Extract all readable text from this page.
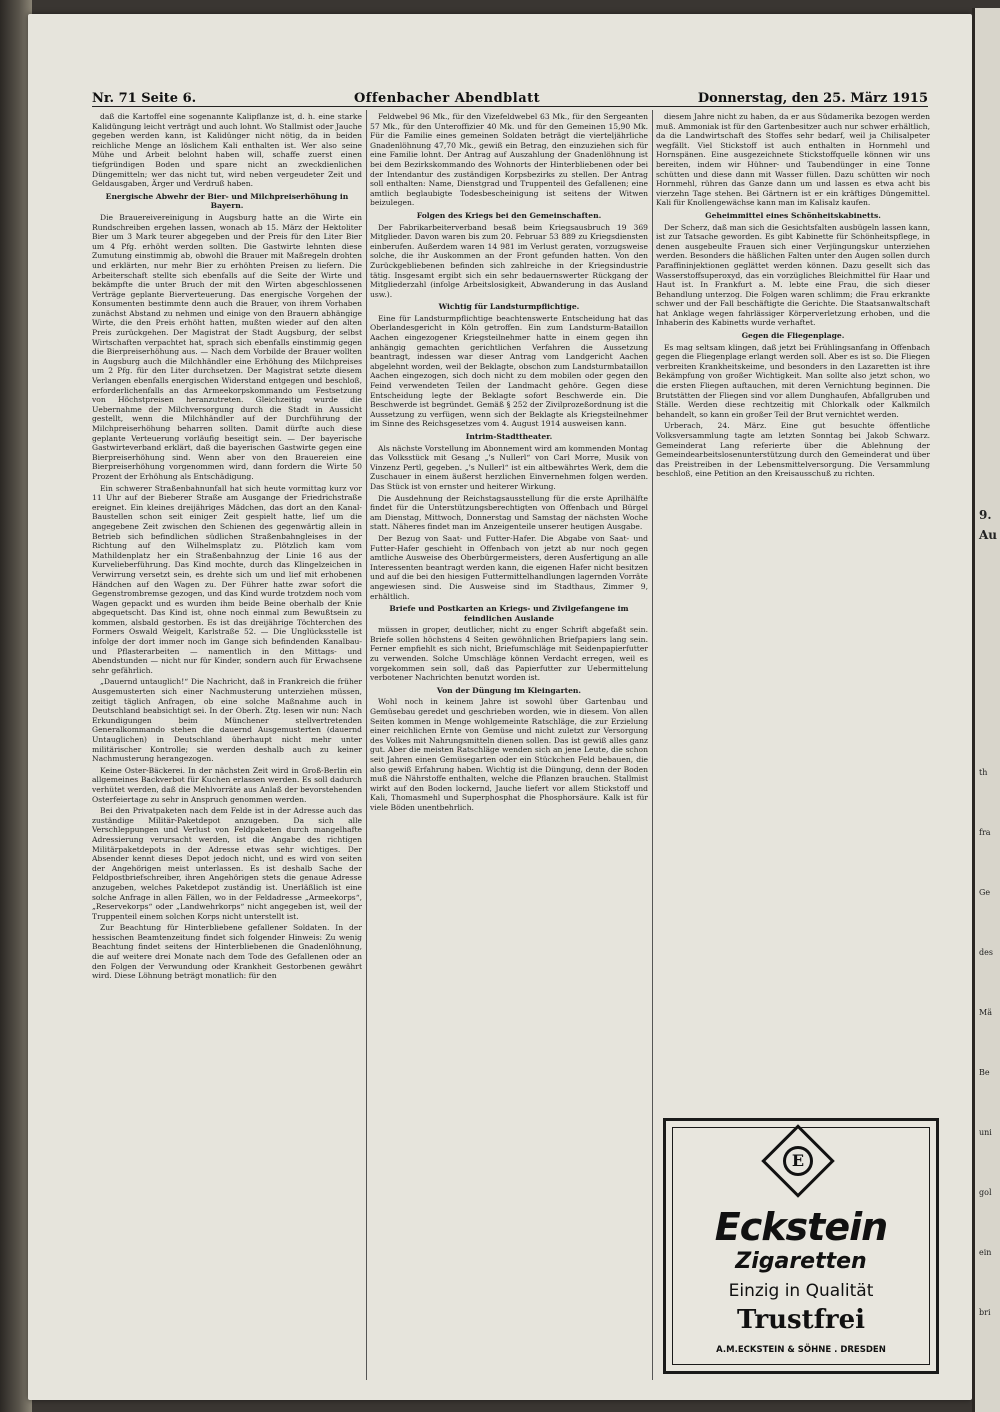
9.
Au
th
fra
Ge
des
Mä
Be
uni
gol
ein
bri
Nr. 71 Seite 6.	Offenbacher Abendblatt	Donnerstag, den 25. März 1915

daß die Kartoffel eine sogenannte Kalipflanze ist, d. h. eine starke Kalidüngung leicht verträgt und auch lohnt. Wo Stallmist oder Jauche gegeben werden kann, ist Kalidünger nicht nötig, da in beiden reichliche Menge an löslichem Kali enthalten ist. Wer also seine Mühe und Arbeit belohnt haben will, schaffe zuerst einen tiefgründigen Boden und spare nicht an zweckdienlichen Düngemitteln; wer das nicht tut, wird neben vergeudeter Zeit und Geldausgaben, Ärger und Verdruß haben.

Energische Abwehr der Bier- und Milchpreiserhöhung in Bayern.

Die Brauereivereinigung in Augsburg hatte an die Wirte ein Rundschreiben ergehen lassen, wonach ab 15. März der Hektoliter Bier um 3 Mark teurer abgegeben und der Preis für den Liter Bier um 4 Pfg. erhöht werden sollten. Die Gastwirte lehnten diese Zumutung einstimmig ab, obwohl die Brauer mit Maßregeln drohten und erklärten, nur mehr Bier zu erhöhten Preisen zu liefern. Die Arbeiterschaft stellte sich ebenfalls auf die Seite der Wirte und bekämpfte die unter Bruch der mit den Wirten abgeschlossenen Verträge geplante Bierverteuerung. Das energische Vorgehen der Konsumenten bestimmte denn auch die Brauer, von ihrem Vorhaben zunächst Abstand zu nehmen und einige von den Brauern abhängige Wirte, die den Preis erhöht hatten, mußten wieder auf den alten Preis zurückgehen. Der Magistrat der Stadt Augsburg, der selbst Wirtschaften verpachtet hat, sprach sich ebenfalls einstimmig gegen die Bierpreiserhöhung aus. — Nach dem Vorbilde der Brauer wollten in Augsburg auch die Milchhändler eine Erhöhung des Milchpreises um 2 Pfg. für den Liter durchsetzen. Der Magistrat setzte diesem Verlangen ebenfalls energischen Widerstand entgegen und beschloß, erforderlichenfalls an das Armeekorpskommando um Festsetzung von Höchstpreisen heranzutreten. Gleichzeitig wurde die Uebernahme der Milchversorgung durch die Stadt in Aussicht gestellt, wenn die Milchhändler auf der Durchführung der Milchpreiserhöhung beharren sollten. Damit dürfte auch diese geplante Verteuerung vorläufig beseitigt sein. — Der bayerische Gastwirteverband erklärt, daß die bayerischen Gastwirte gegen eine Bierpreiserhöhung sind. Wenn aber von den Brauereien eine Bierpreiserhöhung vorgenommen wird, dann fordern die Wirte 50 Prozent der Erhöhung als Entschädigung.

Ein schwerer Straßenbahnunfall hat sich heute vormittag kurz vor 11 Uhr auf der Bieberer Straße am Ausgange der Friedrichstraße ereignet. Ein kleines dreijähriges Mädchen, das dort an den Kanal-Baustellen schon seit einiger Zeit gespielt hatte, lief um die angegebene Zeit zwischen den Schienen des gegenwärtig allein in Betrieb sich befindlichen südlichen Straßenbahngleises in der Richtung auf den Wilhelmsplatz zu. Plötzlich kam vom Mathildenplatz her ein Straßenbahnzug der Linie 16 aus der Kurvelieberführung. Das Kind mochte, durch das Klingelzeichen in Verwirrung versetzt sein, es drehte sich um und lief mit erhobenen Händchen auf den Wagen zu. Der Führer hatte zwar sofort die Gegenstrombremse gezogen, und das Kind wurde trotzdem noch vom Wagen gepackt und es wurden ihm beide Beine oberhalb der Knie abgequetscht. Das Kind ist, ohne noch einmal zum Bewußtsein zu kommen, alsbald gestorben. Es ist das dreijährige Töchterchen des Formers Oswald Weigelt, Karlstraße 52. — Die Unglücksstelle ist infolge der dort immer noch im Gange sich befindenden Kanalbau- und Pflasterarbeiten — namentlich in den Mittags- und Abendstunden — nicht nur für Kinder, sondern auch für Erwachsene sehr gefährlich.

„Dauernd untauglich!“ Die Nachricht, daß in Frankreich die früher Ausgemusterten sich einer Nachmusterung unterziehen müssen, zeitigt täglich Anfragen, ob eine solche Maßnahme auch in Deutschland beabsichtigt sei. In der Oberh. Ztg. lesen wir nun: Nach Erkundigungen beim Münchener stellvertretenden Generalkommando stehen die dauernd Ausgemusterten (dauernd Untauglichen) in Deutschland überhaupt nicht mehr unter militärischer Kontrolle; sie werden deshalb auch zu keiner Nachmusterung herangezogen.

Keine Oster-Bäckerei. In der nächsten Zeit wird in Groß-Berlin ein allgemeines Backverbot für Kuchen erlassen werden. Es soll dadurch verhütet werden, daß die Mehlvorräte aus Anlaß der bevorstehenden Osterfeiertage zu sehr in Anspruch genommen werden.

Bei den Privatpaketen nach dem Felde ist in der Adresse auch das zuständige Militär-Paketdepot anzugeben. Da sich alle Verschleppungen und Verlust von Feldpaketen durch mangelhafte Adressierung verursacht werden, ist die Angabe des richtigen Militärpaketdepots in der Adresse etwas sehr wichtiges. Der Absender kennt dieses Depot jedoch nicht, und es wird von seiten der Angehörigen meist unterlassen. Es ist deshalb Sache der Feldpostbriefschreiber, ihren Angehörigen stets die genaue Adresse anzugeben, welches Paketdepot zuständig ist. Unerläßlich ist eine solche Anfrage in allen Fällen, wo in der Feldadresse „Armeekorps“, „Reservekorps“ oder „Landwehrkorps“ nicht angegeben ist, weil der Truppenteil einem solchen Korps nicht unterstellt ist.

Zur Beachtung für Hinterbliebene gefallener Soldaten. In der hessischen Beamtenzeitung findet sich folgender Hinweis: Zu wenig Beachtung findet seitens der Hinterbliebenen die Gnadenlöhnung, die auf weitere drei Monate nach dem Tode des Gefallenen oder an den Folgen der Verwundung oder Krankheit Gestorbenen gewährt wird. Diese Löhnung beträgt monatlich: für den

Feldwebel 96 Mk., für den Vizefeldwebel 63 Mk., für den Sergeanten 57 Mk., für den Unteroffizier 40 Mk. und für den Gemeinen 15,90 Mk. Für die Familie eines gemeinen Soldaten beträgt die vierteljährliche Gnadenlöhnung 47,70 Mk., gewiß ein Betrag, den einzuziehen sich für eine Familie lohnt. Der Antrag auf Auszahlung der Gnadenlöhnung ist bei dem Bezirkskommando des Wohnorts der Hinterbliebenen oder bei der Intendantur des zuständigen Korpsbezirks zu stellen. Der Antrag soll enthalten: Name, Dienstgrad und Truppenteil des Gefallenen; eine amtlich beglaubigte Todesbescheinigung ist seitens der Witwen beizulegen.

Folgen des Kriegs bei den Gemeinschaften.

Der Fabrikarbeiterverband besaß beim Kriegsausbruch 19 369 Mitglieder. Davon waren bis zum 20. Februar 53 889 zu Kriegsdiensten einberufen. Außerdem waren 14 981 im Verlust geraten, vorzugsweise solche, die ihr Auskommen an der Front gefunden hatten. Von den Zurückgebliebenen befinden sich zahlreiche in der Kriegsindustrie tätig. Insgesamt ergibt sich ein sehr bedauernswerter Rückgang der Mitgliederzahl (infolge Arbeitslosigkeit, Abwanderung in das Ausland usw.).

Wichtig für Landsturmpflichtige.

Eine für Landsturmpflichtige beachtenswerte Entscheidung hat das Oberlandesgericht in Köln getroffen. Ein zum Landsturm-Bataillon Aachen eingezogener Kriegsteilnehmer hatte in einem gegen ihn anhängig gemachten gerichtlichen Verfahren die Aussetzung beantragt, indessen war dieser Antrag vom Landgericht Aachen abgelehnt worden, weil der Beklagte, obschon zum Landsturmbataillon Aachen eingezogen, sich doch nicht zu dem mobilen oder gegen den Feind verwendeten Teilen der Landmacht gehöre. Gegen diese Entscheidung legte der Beklagte sofort Beschwerde ein. Die Beschwerde ist begründet. Gemäß § 252 der Zivilprozeßordnung ist die Aussetzung zu verfügen, wenn sich der Beklagte als Kriegsteilnehmer im Sinne des Reichsgesetzes vom 4. August 1914 ausweisen kann.

Intrim-Stadttheater.

Als nächste Vorstellung im Abonnement wird am kommenden Montag das Volksstück mit Gesang „'s Nullerl“ von Carl Morre, Musik von Vinzenz Pertl, gegeben. „'s Nullerl“ ist ein altbewährtes Werk, dem die Zuschauer in einem äußerst herzlichen Einvernehmen folgen werden. Das Stück ist von ernster und heiterer Wirkung.

Die Ausdehnung der Reichstagsausstellung für die erste Aprilhälfte findet für die Unterstützungsberechtigten von Offenbach und Bürgel am Dienstag, Mittwoch, Donnerstag und Samstag der nächsten Woche statt. Näheres findet man im Anzeigenteile unserer heutigen Ausgabe.

Der Bezug von Saat- und Futter-Hafer. Die Abgabe von Saat- und Futter-Hafer geschieht in Offenbach von jetzt ab nur noch gegen amtliche Ausweise des Oberbürgermeisters, deren Ausfertigung an alle Interessenten beantragt werden kann, die eigenen Hafer nicht besitzen und auf die bei den hiesigen Futtermittelhandlungen lagernden Vorräte angewiesen sind. Die Ausweise sind im Stadthaus, Zimmer 9, erhältlich.

Briefe und Postkarten an Kriegs- und Zivilgefangene im feindlichen Auslande

müssen in groper, deutlicher, nicht zu enger Schrift abgefaßt sein. Briefe sollen höchstens 4 Seiten gewöhnlichen Briefpapiers lang sein. Ferner empfiehlt es sich nicht, Briefumschläge mit Seidenpapierfutter zu verwenden. Solche Umschläge können Verdacht erregen, weil es vorgekommen sein soll, daß das Papierfutter zur Uebermittelung verbotener Nachrichten benutzt worden ist.

Von der Düngung im Kleingarten.

Wohl noch in keinem Jahre ist sowohl über Gartenbau und Gemüsebau geredet und geschrieben worden, wie in diesem. Von allen Seiten kommen in Menge wohlgemeinte Ratschläge, die zur Erzielung einer reichlichen Ernte von Gemüse und nicht zuletzt zur Versorgung des Volkes mit Nahrungsmitteln dienen sollen. Das ist gewiß alles ganz gut. Aber die meisten Ratschläge wenden sich an jene Leute, die schon seit Jahren einen Gemüsegarten oder ein Stückchen Feld bebauen, die also gewiß Erfahrung haben. Wichtig ist die Düngung, denn der Boden muß die Nährstoffe enthalten, welche die Pflanzen brauchen. Stallmist wirkt auf den Boden lockernd, Jauche liefert vor allem Stickstoff und Kali, Thomasmehl und Superphosphat die Phosphorsäure. Kalk ist für viele Böden unentbehrlich.

diesem Jahre nicht zu haben, da er aus Südamerika bezogen werden muß. Ammoniak ist für den Gartenbesitzer auch nur schwer erhältlich, da die Landwirtschaft des Stoffes sehr bedarf, weil ja Chilisalpeter wegfällt. Viel Stickstoff ist auch enthalten in Hornmehl und Hornspänen. Eine ausgezeichnete Stickstoffquelle können wir uns bereiten, indem wir Hühner- und Taubendünger in eine Tonne schütten und diese dann mit Wasser füllen. Dazu schütten wir noch Hornmehl, rühren das Ganze dann um und lassen es etwa acht bis vierzehn Tage stehen. Bei Gärtnern ist er ein kräftiges Düngemittel. Kali für Knollengewächse kann man im Kalisalz kaufen.

Geheimmittel eines Schönheitskabinetts.

Der Scherz, daß man sich die Gesichtsfalten ausbügeln lassen kann, ist zur Tatsache geworden. Es gibt Kabinette für Schönheitspflege, in denen ausgebeulte Frauen sich einer Verjüngungskur unterziehen werden. Besonders die häßlichen Falten unter den Augen sollen durch Paraffininjektionen geglättet werden können. Dazu gesellt sich das Wasserstoffsuperoxyd, das ein vorzügliches Bleichmittel für Haar und Haut ist. In Frankfurt a. M. lebte eine Frau, die sich dieser Behandlung unterzog. Die Folgen waren schlimm; die Frau erkrankte schwer und der Fall beschäftigte die Gerichte. Die Staatsanwaltschaft hat Anklage wegen fahrlässiger Körperverletzung erhoben, und die Inhaberin des Kabinetts wurde verhaftet.

Gegen die Fliegenplage.

Es mag seltsam klingen, daß jetzt bei Frühlingsanfang in Offenbach gegen die Fliegenplage erlangt werden soll. Aber es ist so. Die Fliegen verbreiten Krankheitskeime, und besonders in den Lazaretten ist ihre Bekämpfung von großer Wichtigkeit. Man sollte also jetzt schon, wo die ersten Fliegen auftauchen, mit deren Vernichtung beginnen. Die Brutstätten der Fliegen sind vor allem Dunghaufen, Abfallgruben und Ställe. Werden diese rechtzeitig mit Chlorkalk oder Kalkmilch behandelt, so kann ein großer Teil der Brut vernichtet werden.

Urberach, 24. März. Eine gut besuchte öffentliche Volksversammlung tagte am letzten Sonntag bei Jakob Schwarz. Gemeinderat Lang referierte über die Ablehnung der Gemeindearbeitslosenunterstützung durch den Gemeinderat und über das Preistreiben in der Lebensmittelversorgung. Die Versammlung beschloß, eine Petition an den Kreisausschuß zu richten.

E
Eckstein
Zigaretten
Einzig in Qualität
Trustfrei
A.M.ECKSTEIN & SÖHNE . DRESDEN
